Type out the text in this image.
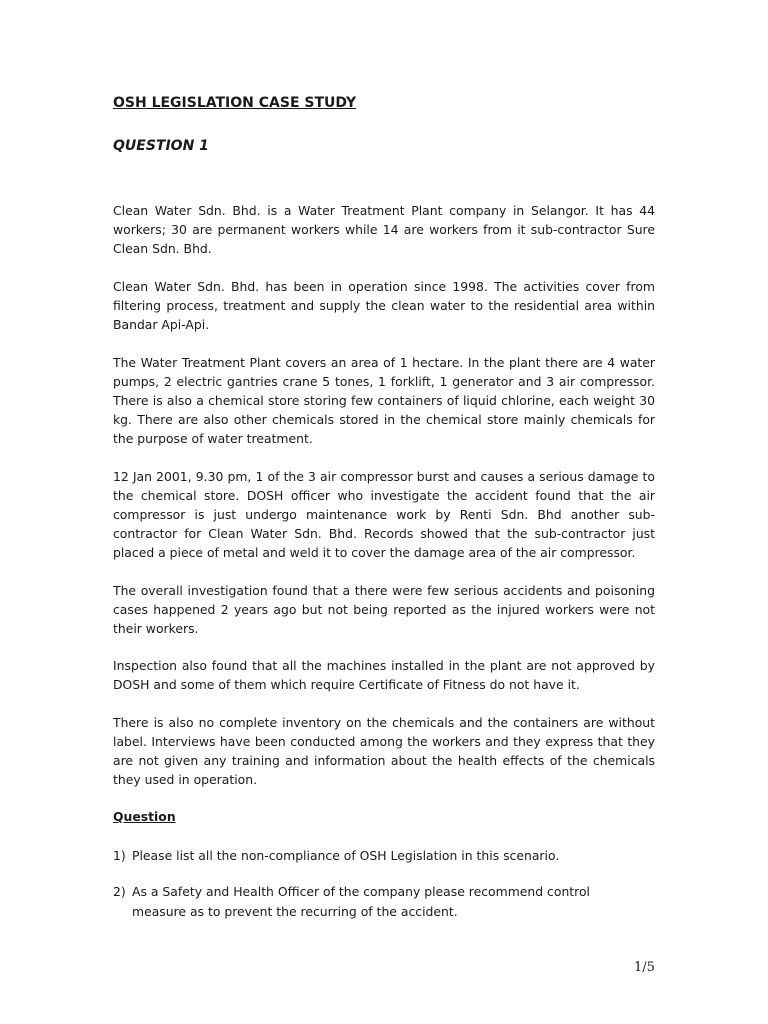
OSH LEGISLATION CASE STUDY

QUESTION 1

Clean Water Sdn. Bhd. is a Water Treatment Plant company in Selangor. It has 44 workers; 30 are permanent workers while 14 are workers from it sub-contractor Sure Clean Sdn. Bhd.

Clean Water Sdn. Bhd. has been in operation since 1998. The activities cover from filtering process, treatment and supply the clean water to the residential area within Bandar Api-Api.

The Water Treatment Plant covers an area of 1 hectare. In the plant there are 4 water pumps, 2 electric gantries crane 5 tones, 1 forklift, 1 generator and 3 air compressor. There is also a chemical store storing few containers of liquid chlorine, each weight 30 kg. There are also other chemicals stored in the chemical store mainly chemicals for the purpose of water treatment.

12 Jan 2001, 9.30 pm, 1 of the 3 air compressor burst and causes a serious damage to the chemical store. DOSH officer who investigate the accident found that the air compressor is just undergo maintenance work by Renti Sdn. Bhd another sub-contractor for Clean Water Sdn. Bhd. Records showed that the sub-contractor just placed a piece of metal and weld it to cover the damage area of the air compressor.

The overall investigation found that a there were few serious accidents and poisoning cases happened 2 years ago but not being reported as the injured workers were not their workers.

Inspection also found that all the machines installed in the plant are not approved by DOSH and some of them which require Certificate of Fitness do not have it.

There is also no complete inventory on the chemicals and the containers are without label. Interviews have been conducted among the workers and they express that they are not given any training and information about the health effects of the chemicals they used in operation.

Question

1) Please list all the non-compliance of OSH Legislation in this scenario.
2) As a Safety and Health Officer of the company please recommend control measure as to prevent the recurring of the accident.

1/5
